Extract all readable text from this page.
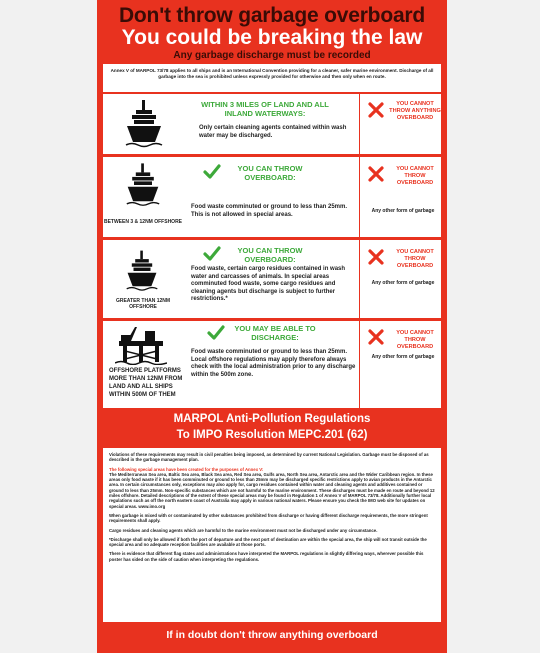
Don't throw garbage overboard
You could be breaking the law
Any garbage discharge must be recorded

Annex V of MARPOL 73/78 applies to all ships and is an International Convention providing for a cleaner, safer marine environment. Discharge of all garbage into the sea is prohibited unless expressly provided for otherwise and then only when en route.

WITHIN 3 MILES OF LAND AND ALL INLAND WATERWAYS:
Only certain cleaning agents contained within wash water may be discharged.
YOU CANNOT THROW ANYTHING OVERBOARD
BETWEEN 3 & 12NM OFFSHORE
YOU CAN THROW OVERBOARD:
Food waste comminuted or ground to less than 25mm. This is not allowed in special areas.
YOU CANNOT THROW OVERBOARD
Any other form of garbage
GREATER THAN 12NM OFFSHORE
YOU CAN THROW OVERBOARD:
Food waste, certain cargo residues contained in wash water and carcasses of animals. In special areas comminuted food waste, some cargo residues and cleaning agents but discharge is subject to further restrictions.*
YOU CANNOT THROW OVERBOARD
Any other form of garbage
OFFSHORE PLATFORMS MORE THAN 12NM FROM LAND AND ALL SHIPS WITHIN 500M OF THEM
YOU MAY BE ABLE TO DISCHARGE:
Food waste comminuted or ground to less than 25mm. Local offshore regulations may apply therefore always check with the local administration prior to any discharge within the 500m zone.
YOU CANNOT THROW OVERBOARD
Any other form of garbage
MARPOL Anti-Pollution Regulations
To IMPO Resolution MEPC.201 (62)

Violations of these requirements may result in civil penalties being imposed, as determined by current National Legislation. Garbage must be disposed of as described in the garbage management plan.

The following special areas have been created for the purposes of Annex V:

The Mediterranean Sea area, Baltic Sea area, Black Sea area, Red Sea area, Gulfs area, North Sea area, Antarctic area and the Wider Caribbean region. In these areas only food waste if it has been comminuted or ground to less than 25mm may be discharged specific restrictions apply to avian products in the Antarctic area. In certain circumstances only, exceptions may also apply for, cargo residues contained within water and cleaning agents and additives contained or ground to less than 25mm. Non-specific substances which are not harmful to the marine environment. These discharges must be made en route and beyond 12 miles offshore. Detailed descriptions of the extent of these special areas may be found in Regulation 1 of Annex V of MARPOL 73/78. Additionally further local regulations such as off the north eastern coast of Australia may apply in various national waters. Please ensure you check the IMO web site for updates on special areas. www.imo.org

When garbage is mixed with or contaminated by other substances prohibited from discharge or having different discharge requirements, the more stringent requirements shall apply.

Cargo residues and cleaning agents which are harmful to the marine environment must not be discharged under any circumstance.

*Discharge shall only be allowed if both the port of departure and the next port of destination are within the special area, the ship will not transit outside the special area and no adequate reception facilities are available at those ports.

There is evidence that different flag states and administrations have interpreted the MARPOL regulations in slightly differing ways, wherever possible this poster has sided on the side of caution when interpreting the regulations.

If in doubt don't throw anything overboard
